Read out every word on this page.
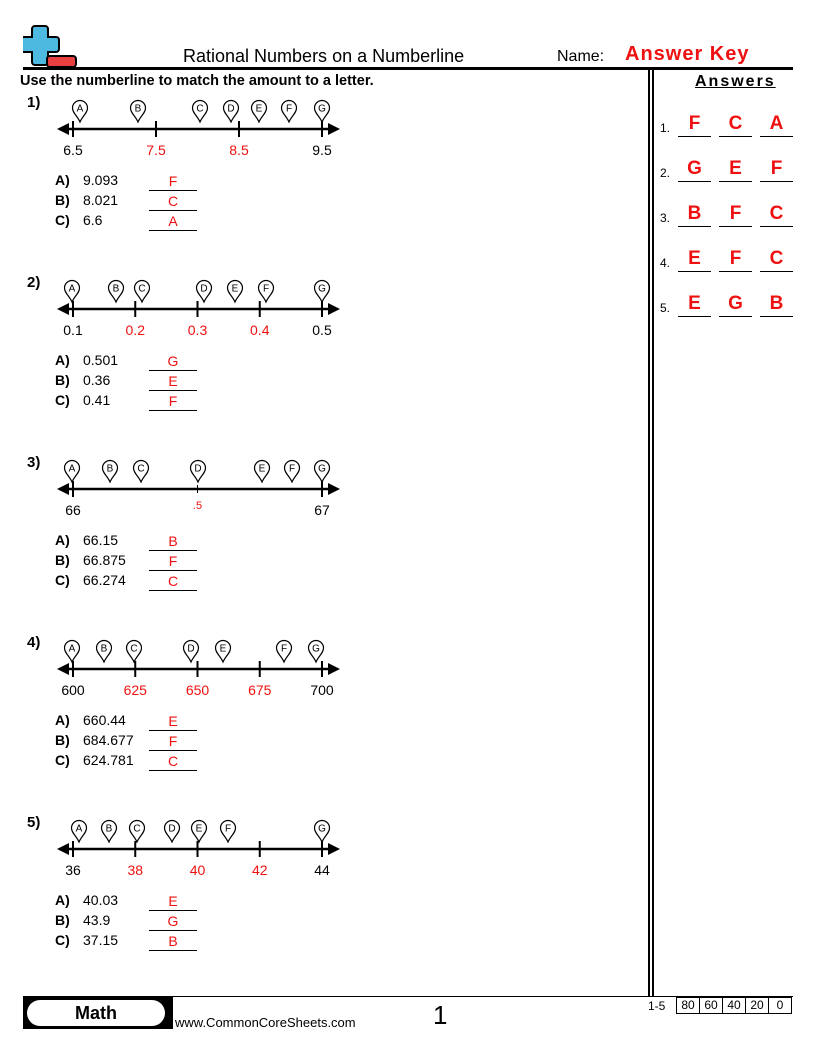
Rational Numbers on a Numberline	Name: Answer Key
Use the numberline to match the amount to a letter.	Answers
1)
6.5	7.5	8.5	9.5
A	B	C D E F	G
A) 9.093	F
B) 8.021	C
C) 6.6	A
2)
0.1	0.2	0.3	0.4	0.5
A	B C	D E F	G
A) 0.501	G
B) 0.36	E
C) 0.41	F
3)
66	.5	67
A	B C	D	E F G
A) 66.15	B
B) 66.875	F
C) 66.274	C
4)
600	625	650	675	700
A	B C	D	E	F	G
A) 660.44	E
B) 684.677	F
C) 624.781	C
5)
36	38	40	42	44
A B C	D E F	G
A) 40.03	E
B) 43.9	G
C) 37.15	B
1. F	C	A
2. G	E	F
3. B	F	C
4. E	F	C
5. E	G	B
Math	www.CommonCoreSheets.com	1	1-5	80 60 40 20	0
